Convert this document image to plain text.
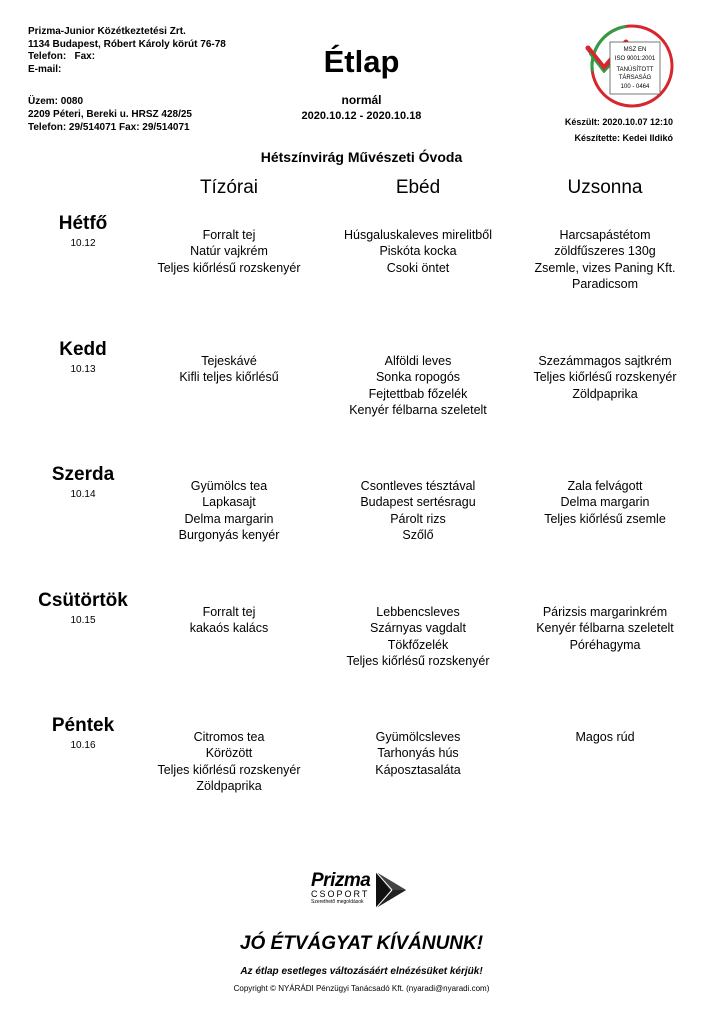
Prizma-Junior Közétkeztetési Zrt.
1134 Budapest, Róbert Károly körút 76-78
Telefon: Fax:
E-mail:
Üzem: 0080
2209 Péteri, Bereki u. HRSZ 428/25
Telefon: 29/514071 Fax: 29/514071
Étlap
normál
2020.10.12 - 2020.10.18
MSZ EN
ISO 9001:2001
TANÚSÍTOTT
TÁRSASÁG
100 - 0464
Készült: 2020.10.07 12:10
Készítette: Kedei Ildikó
Hétszínvirág Művészeti Óvoda
Tízórai	Ebéd	Uzsonna
Hétfő
10.12
Forralt tej
Natúr vajkrém
Teljes kiőrlésű rozskenyér
Húsgaluskaleves mirelitből
Piskóta kocka
Csoki öntet
Harcsapástétom
zöldfűszeres 130g
Zsemle, vizes Paning Kft.
Paradicsom
Kedd
10.13
Tejeskávé
Kifli teljes kiőrlésű
Alföldi leves
Sonka ropogós
Fejtettbab főzelék
Kenyér félbarna szeletelt
Szezámmagos sajtkrém
Teljes kiőrlésű rozskenyér
Zöldpaprika
Szerda
10.14
Gyümölcs tea
Lapkasajt
Delma margarin
Burgonyás kenyér
Csontleves tésztával
Budapest sertésragu
Párolt rizs
Szőlő
Zala felvágott
Delma margarin
Teljes kiőrlésű zsemle
Csütörtök
10.15
Forralt tej
kakaós kalács
Lebbencsleves
Szárnyas vagdalt
Tökfőzelék
Teljes kiőrlésű rozskenyér
Párizsis margarinkrém
Kenyér félbarna szeletelt
Póréhagyma
Péntek
10.16
Citromos tea
Körözött
Teljes kiőrlésű rozskenyér
Zöldpaprika
Gyümölcsleves
Tarhonyás hús
Káposztasaláta
Magos rúd
Prizma
CSOPORT
Szerethető megoldások
JÓ ÉTVÁGYAT KÍVÁNUNK!
Az étlap esetleges változásáért elnézésüket kérjük!
Copyright © NYÁRÁDI Pénzügyi Tanácsadó Kft. (nyaradi@nyaradi.com)
